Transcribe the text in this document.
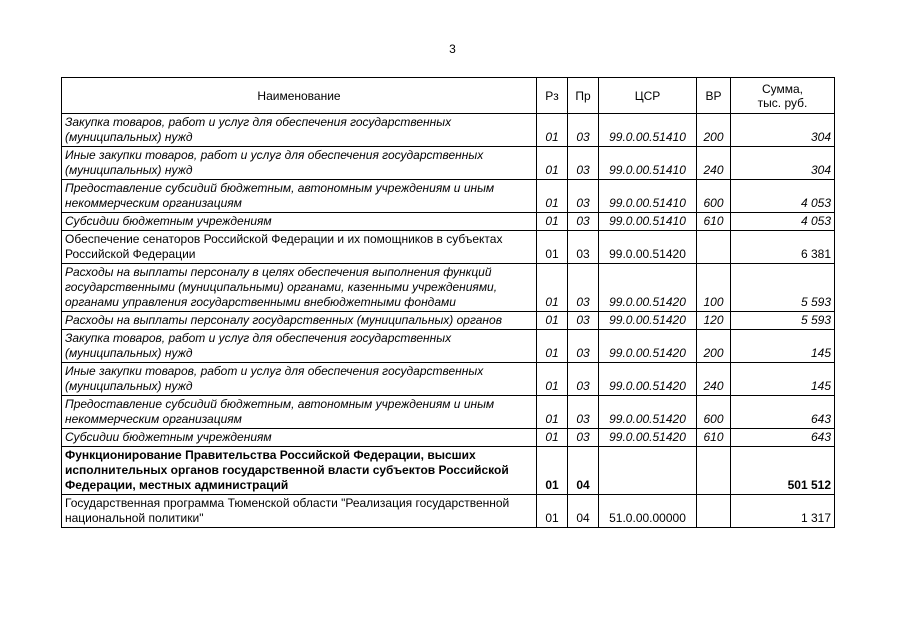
3
Наименование	Рз	Пр	ЦСР	ВР	Сумма,
тыс. руб.
Закупка товаров, работ и услуг для обеспечения государственных (муниципальных) нужд	01	03	99.0.00.51410	200	304
Иные закупки товаров, работ и услуг для обеспечения государственных (муниципальных) нужд	01	03	99.0.00.51410	240	304
Предоставление субсидий бюджетным, автономным учреждениям и иным некоммерческим организациям	01	03	99.0.00.51410	600	4 053
Субсидии бюджетным учреждениям	01	03	99.0.00.51410	610	4 053
Обеспечение сенаторов Российской Федерации и их помощников в субъектах Российской Федерации	01	03	99.0.00.51420		6 381
Расходы на выплаты персоналу в целях обеспечения выполнения функций государственными (муниципальными) органами, казенными учреждениями, органами управления государственными внебюджетными фондами	01	03	99.0.00.51420	100	5 593
Расходы на выплаты персоналу государственных (муниципальных) органов	01	03	99.0.00.51420	120	5 593
Закупка товаров, работ и услуг для обеспечения государственных (муниципальных) нужд	01	03	99.0.00.51420	200	145
Иные закупки товаров, работ и услуг для обеспечения государственных (муниципальных) нужд	01	03	99.0.00.51420	240	145
Предоставление субсидий бюджетным, автономным учреждениям и иным некоммерческим организациям	01	03	99.0.00.51420	600	643
Субсидии бюджетным учреждениям	01	03	99.0.00.51420	610	643
Функционирование Правительства Российской Федерации, высших исполнительных органов государственной власти субъектов Российской Федерации, местных администраций	01	04			501 512
Государственная программа Тюменской области "Реализация государственной национальной политики"	01	04	51.0.00.00000		1 317
